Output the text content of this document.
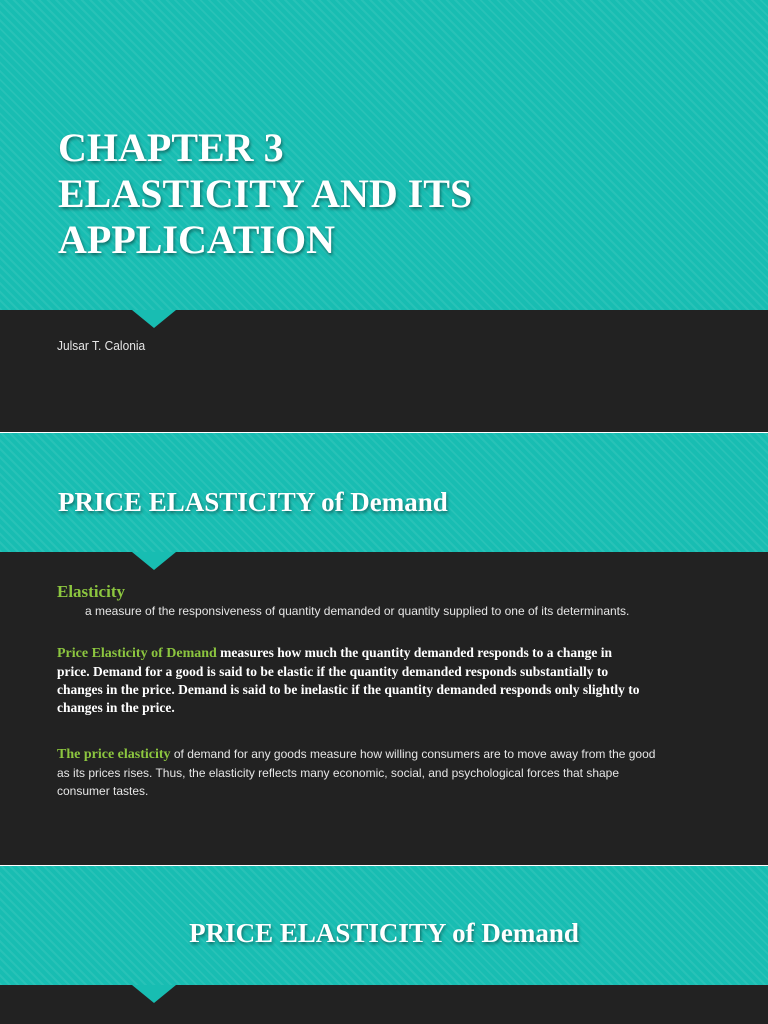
CHAPTER 3
ELASTICITY AND ITS
APPLICATION

Julsar T. Calonia

PRICE ELASTICITY of Demand
Elasticity

a measure of the responsiveness of quantity demanded or quantity supplied to one of its determinants.

Price Elasticity of Demand measures how much the quantity demanded responds to a change in price. Demand for a good is said to be elastic if the quantity demanded responds substantially to changes in the price. Demand is said to be inelastic if the quantity demanded responds only slightly to changes in the price.

The price elasticity of demand for any goods measure how willing consumers are to move away from the good as its prices rises. Thus, the elasticity reflects many economic, social, and psychological forces that shape consumer tastes.

PRICE ELASTICITY of Demand
